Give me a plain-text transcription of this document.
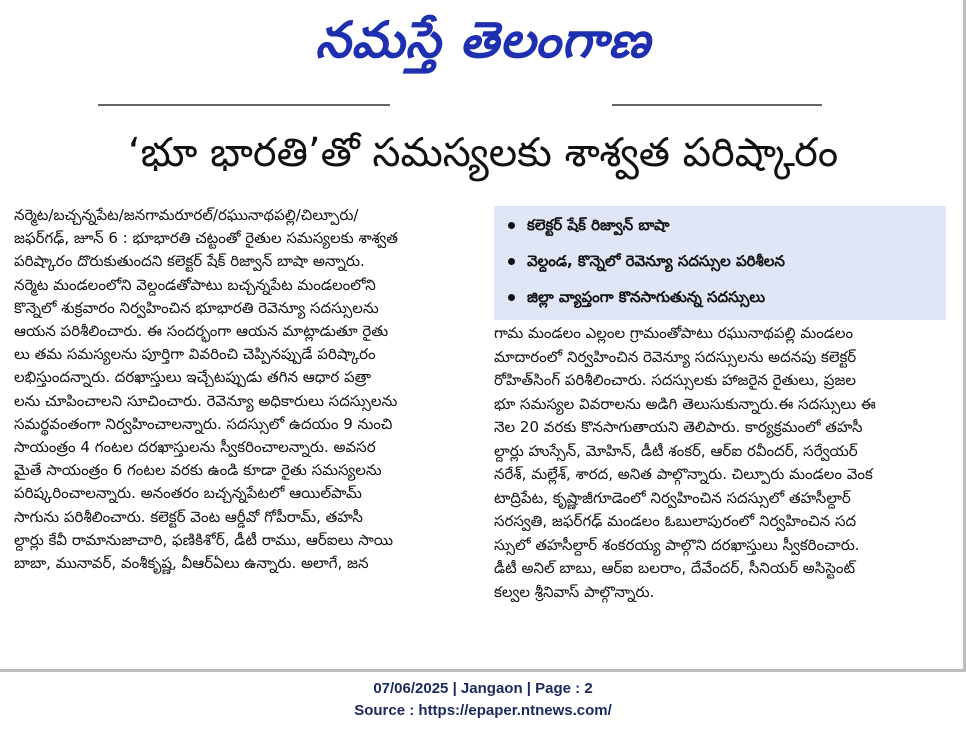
నమస్తే తెలంగాణ
‘భూ భారతి’తో సమస్యలకు శాశ్వత పరిష్కారం
నర్మెట/బచ్చన్నపేట/జనగామరూరల్/రఘునాథపల్లి/చిల్పూరు/
జఫర్‌గఢ్, జూన్ 6 : భూభారతి చట్టంతో రైతుల సమస్యలకు శాశ్వత
పరిష్కారం దొరుకుతుందని కలెక్టర్ షేక్ రిజ్వాన్ బాషా అన్నారు.
నర్మెట మండలంలోని వెల్దండతోపాటు బచ్చన్నపేట మండలంలోని
కొన్నెలో శుక్రవారం నిర్వహించిన భూభారతి రెవెన్యూ సదస్సులను
ఆయన పరిశీలించారు. ఈ సందర్భంగా ఆయన మాట్లాడుతూ రైతు
లు తమ సమస్యలను పూర్తిగా వివరించి చెప్పినప్పుడే పరిష్కారం
లభిస్తుందన్నారు. దరఖాస్తులు ఇచ్చేటప్పుడు తగిన ఆధార పత్రా
లను చూపించాలని సూచించారు. రెవెన్యూ అధికారులు సదస్సులను
సమర్థవంతంగా నిర్వహించాలన్నారు. సదస్సులో ఉదయం 9 నుంచి
సాయంత్రం 4 గంటల దరఖాస్తులను స్వీకరించాలన్నారు. అవసర
మైతే సాయంత్రం 6 గంటల వరకు ఉండి కూడా రైతు సమస్యలను
పరిష్కరించాలన్నారు. అనంతరం బచ్చన్నపేటలో ఆయిల్‌పామ్
సాగును పరిశీలించారు. కలెక్టర్ వెంట ఆర్డీవో గోపీరామ్, తహసీ
ల్దార్లు కేవీ రామానుజాచారి, ఫణికిశోర్, డీటీ రాము, ఆర్‌ఐలు సాయి
బాబా, మునావర్, వంశీకృష్ణ, వీఆర్‌ఏలు ఉన్నారు. అలాగే, జన
కలెక్టర్ షేక్ రిజ్వాన్ బాషా
వెల్దండ, కొన్నెలో రెవెన్యూ సదస్సుల పరిశీలన
జిల్లా వ్యాప్తంగా కొనసాగుతున్న సదస్సులు
గామ మండలం ఎల్లంల గ్రామంతోపాటు రఘునాథపల్లి మండలం
మాదారంలో నిర్వహించిన రెవెన్యూ సదస్సులను అదనపు కలెక్టర్
రోహిత్‌సింగ్ పరిశీలించారు. సదస్సులకు హాజరైన రైతులు, ప్రజల
భూ సమస్యల వివరాలను అడిగి తెలుసుకున్నారు.ఈ సదస్సులు ఈ
నెల 20 వరకు కొనసాగుతాయని తెలిపారు. కార్యక్రమంలో తహసీ
ల్దార్లు హుస్సేన్, మోహిన్, డీటీ శంకర్, ఆర్‌ఐ రవీందర్, సర్వేయర్
నరేశ్, మల్లేశ్, శారద, అనిత పాల్గొన్నారు. చిల్పూరు మండలం వెంక
టాద్రిపేట, కృష్ణాజీగూడెంలో నిర్వహించిన సదస్సులో తహసీల్దార్
సరస్వతి, జఫర్‌గఢ్ మండలం ఓబులాపురంలో నిర్వహించిన సద
స్సులో తహసీల్దార్ శంకరయ్య పాల్గొని దరఖాస్తులు స్వీకరించారు.
డీటీ అనిల్ బాబు, ఆర్‌ఐ బలరాం, దేవేందర్, సీనియర్ అసిస్టెంట్
కల్వల శ్రీనివాస్ పాల్గొన్నారు.
07/06/2025 | Jangaon | Page : 2
Source : https://epaper.ntnews.com/
